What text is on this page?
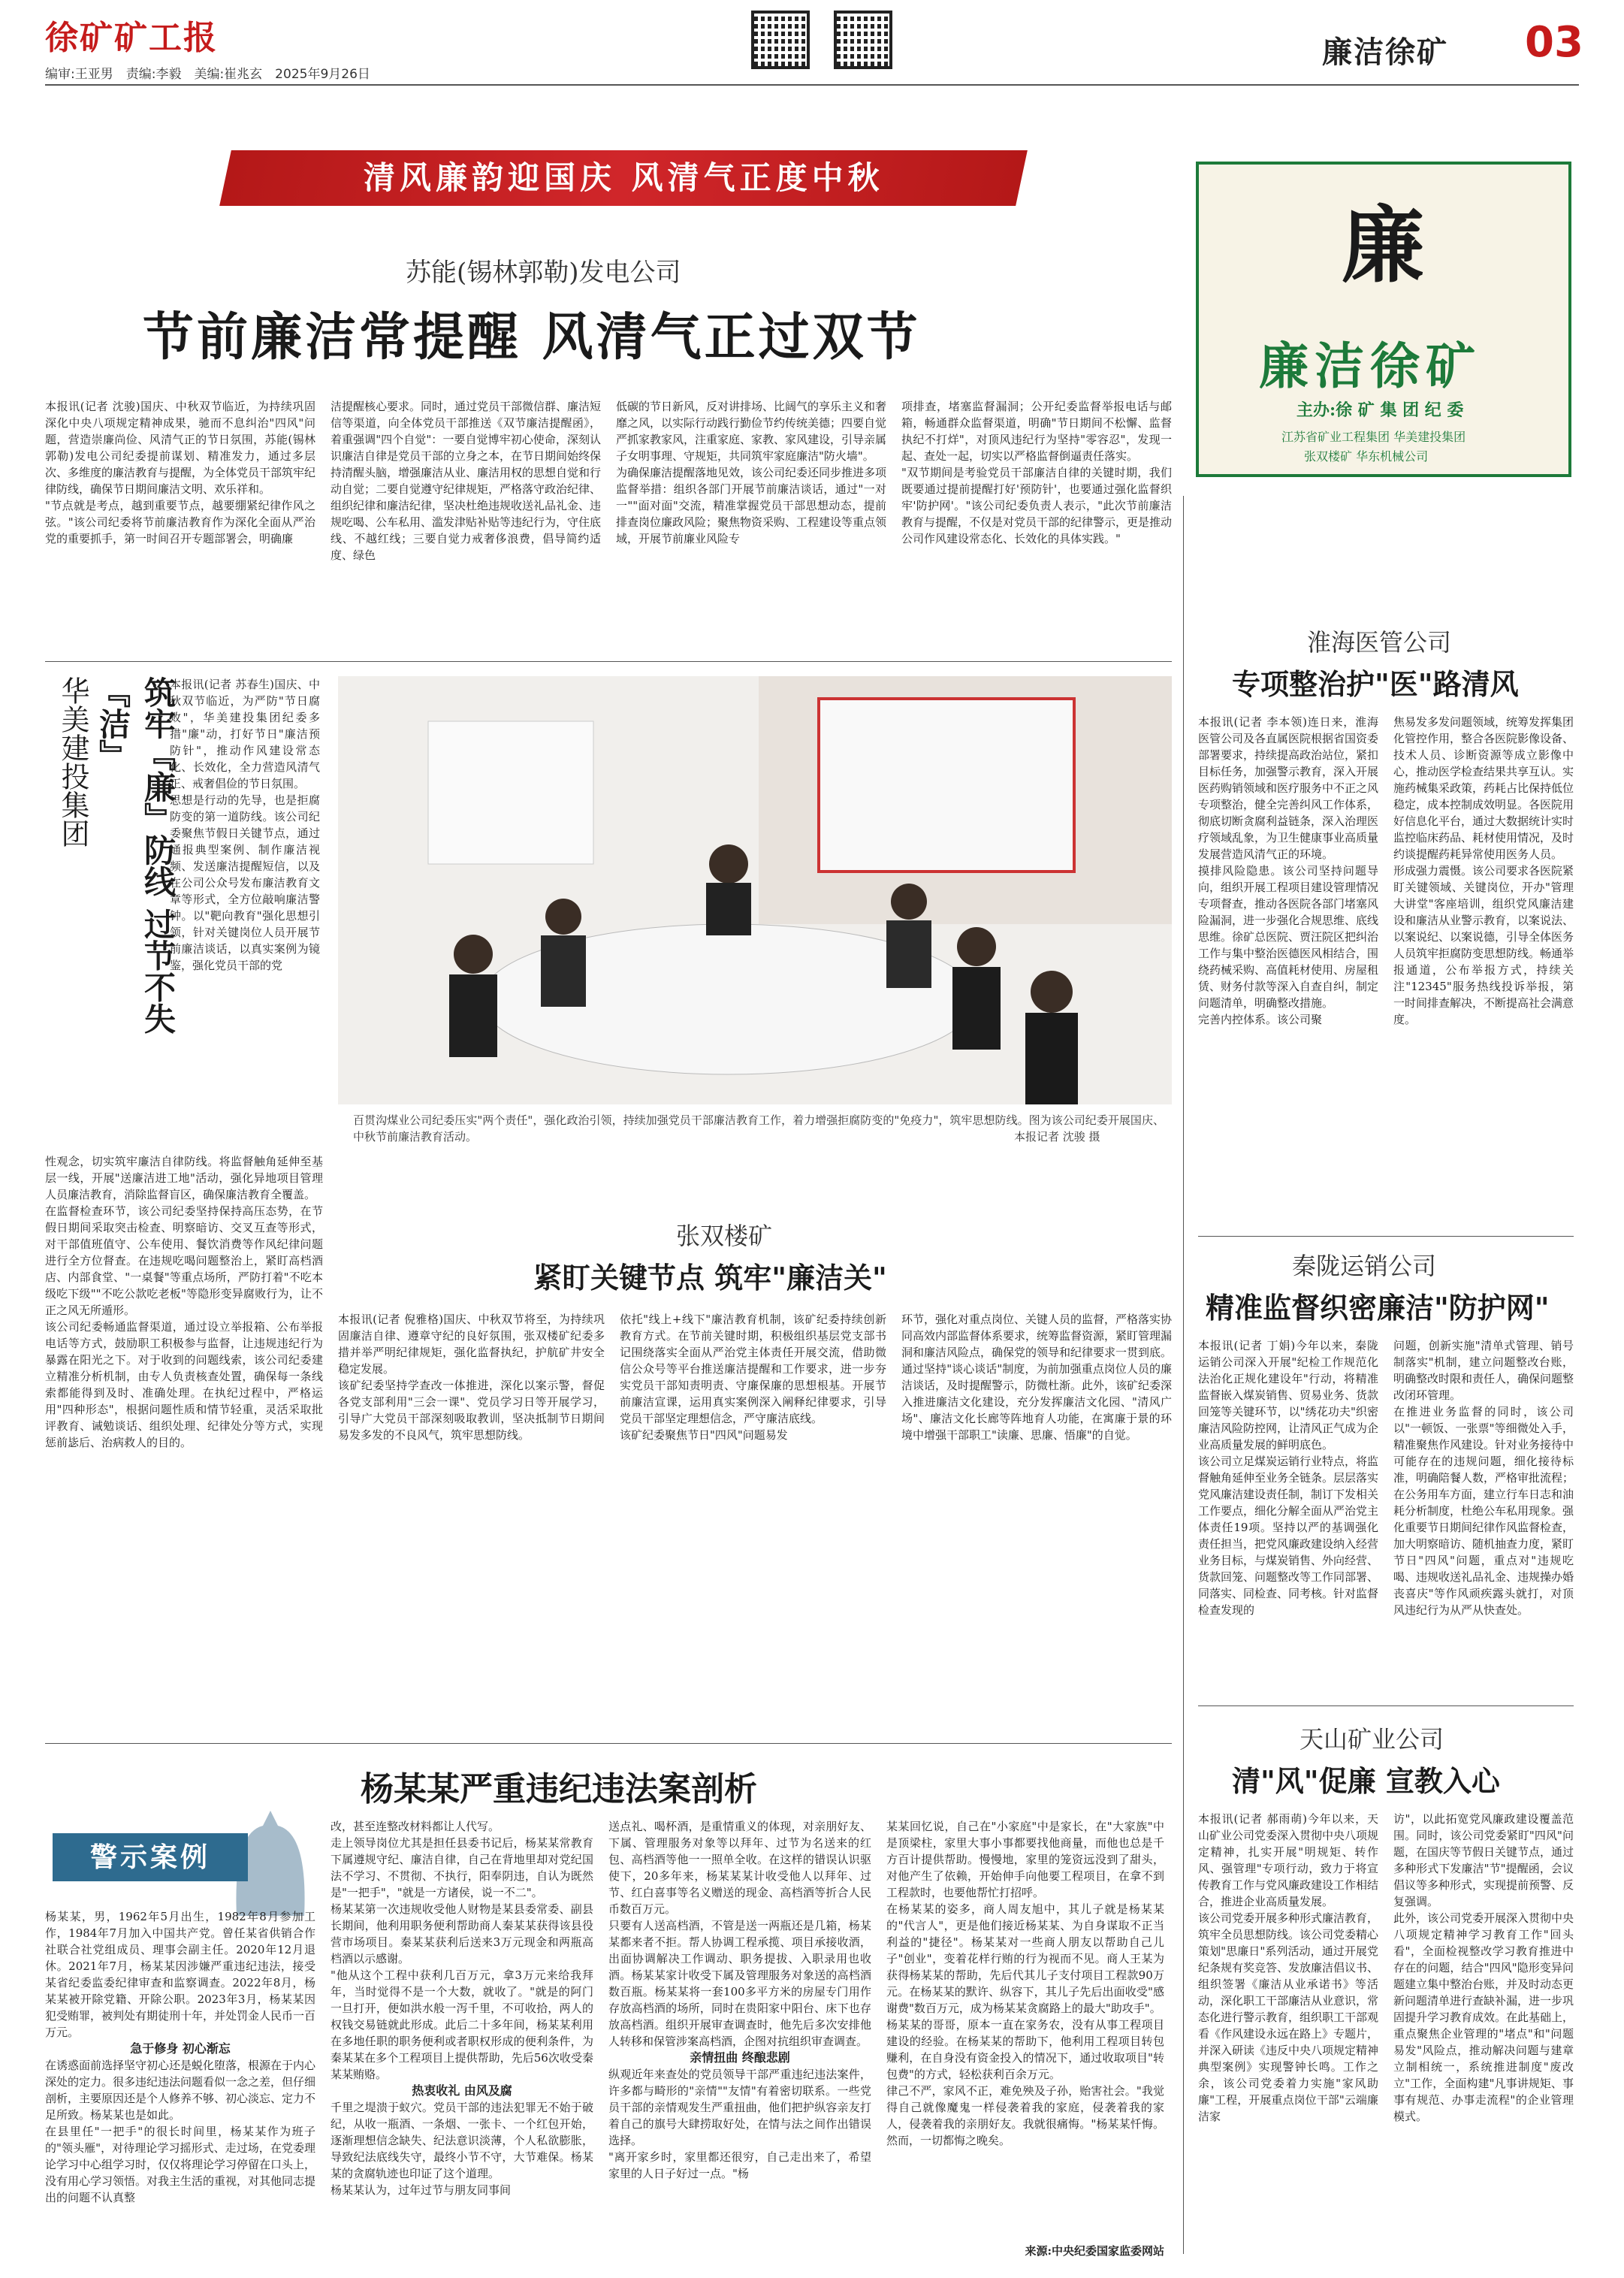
徐矿矿工报
编审:王亚男　责编:李毅　美编:崔兆玄　2025年9月26日
廉洁徐矿 03
清风廉韵迎国庆 风清气正度中秋
苏能(锡林郭勒)发电公司
节前廉洁常提醒 风清气正过双节
本报讯(记者 沈骏)国庆、中秋双节临近，为持续巩固深化中央八项规定精神成果，驰而不息纠治"四风"问题，营造崇廉尚俭、风清气正的节日氛围，苏能(锡林郭勒)发电公司纪委提前谋划、精准发力，通过多层次、多维度的廉洁教育与提醒，为全体党员干部筑牢纪律防线，确保节日期间廉洁文明、欢乐祥和。
"节点就是考点，越到重要节点，越要绷紧纪律作风之弦。"该公司纪委将节前廉洁教育作为深化全面从严治党的重要抓手，第一时间召开专题部署会，明确廉
洁提醒核心要求。同时，通过党员干部微信群、廉洁短信等渠道，向全体党员干部推送《双节廉洁提醒函》，着重强调"四个自觉"：一要自觉博牢初心使命，深刻认识廉洁自律是党员干部的立身之本，在节日期间始终保持清醒头脑，增强廉洁从业、廉洁用权的思想自觉和行动自觉；二要自觉遵守纪律规矩，严格落守政治纪律、组织纪律和廉洁纪律，坚决杜绝违规收送礼品礼金、违规吃喝、公车私用、滥发津贴补贴等违纪行为，守住底线、不越红线；三要自觉力戒奢侈浪费，倡导简约适度、绿色
低碳的节日新风，反对讲排场、比阔气的享乐主义和奢靡之风，以实际行动践行勤俭节约传统美德；四要自觉严抓家教家风，注重家庭、家教、家风建设，引导亲属子女明事理、守规矩，共同筑牢家庭廉洁"防火墙"。
为确保廉洁提醒落地见效，该公司纪委还同步推进多项监督举措：组织各部门开展节前廉洁谈话，通过"一对一""面对面"交流，精准掌握党员干部思想动态，提前排查岗位廉政风险；聚焦物资采购、工程建设等重点领域，开展节前廉业风险专
项排查，堵塞监督漏洞；公开纪委监督举报电话与邮箱，畅通群众监督渠道，明确"节日期间不松懈、监督执纪不打烊"，对顶风违纪行为坚持"零容忍"，发现一起、查处一起，切实以严格监督倒逼责任落实。
"双节期间是考验党员干部廉洁自律的关键时期，我们既要通过提前提醒打好'预防针'，也要通过强化监督织牢'防护网'。"该公司纪委负责人表示，"此次节前廉洁教育与提醒，不仅是对党员干部的纪律警示，更是推动公司作风建设常态化、长效化的具体实践。"
廉
廉洁徐矿
主办:徐 矿 集 团 纪 委
江苏省矿业工程集团 华美建投集团
张双楼矿 华东机械公司
筑牢『廉』防线 过节不失『洁』
华美建投集团	本报讯(记者 苏春生)国庆、中秋双节临近，为严防"节日腐败"，华美建投集团纪委多措"廉"动，打好节日"廉洁预防针"，推动作风建设常态化、长效化，全力营造风清气正、戒奢倡俭的节日氛围。
思想是行动的先导，也是拒腐防变的第一道防线。该公司纪委聚焦节假日关键节点，通过通报典型案例、制作廉洁视频、发送廉洁提醒短信，以及在公司公众号发布廉洁教育文章等形式，全方位敲响廉洁警钟。以"靶向教育"强化思想引领，针对关键岗位人员开展节前廉洁谈话，以真实案例为镜鉴，强化党员干部的党
性观念，切实筑牢廉洁自律防线。将监督触角延伸至基层一线，开展"送廉洁进工地"活动，强化异地项目管理人员廉洁教育，消除监督盲区，确保廉洁教育全覆盖。
在监督检查环节，该公司纪委坚持保持高压态势，在节假日期间采取突击检查、明察暗访、交叉互查等形式，对干部值班值守、公车使用、餐饮消费等作风纪律问题进行全方位督查。在违规吃喝问题整治上，紧盯高档酒店、内部食堂、"一桌餐"等重点场所，严防打着"不吃本级吃下级""不吃公款吃老板"等隐形变异腐败行为，让不正之风无所遁形。
该公司纪委畅通监督渠道，通过设立举报箱、公布举报电话等方式，鼓励职工积极参与监督，让违规违纪行为暴露在阳光之下。对于收到的问题线索，该公司纪委建立精准分析机制，由专人负责核查处置，确保每一条线索都能得到及时、准确处理。在执纪过程中，严格运用"四种形态"，根据问题性质和情节轻重，灵活采取批评教育、诫勉谈话、组织处理、纪律处分等方式，实现惩前毖后、治病救人的目的。
百贯沟煤业公司纪委压实"两个责任"，强化政治引领，持续加强党员干部廉洁教育工作，着力增强拒腐防变的"免疫力"，筑牢思想防线。图为该公司纪委开展国庆、中秋节前廉洁教育活动。	本报记者 沈骏 摄
张双楼矿
紧盯关键节点 筑牢"廉洁关"
本报讯(记者 倪雅格)国庆、中秋双节将至，为持续巩固廉洁自律、遵章守纪的良好氛围，张双楼矿纪委多措并举严明纪律规矩，强化监督执纪，护航矿井安全稳定发展。
该矿纪委坚持学查改一体推进，深化以案示警，督促各党支部利用"三会一课"、党员学习日等开展学习，引导广大党员干部深刻吸取教训，坚决抵制节日期间易发多发的不良风气，筑牢思想防线。
依托"线上+线下"廉洁教育机制，该矿纪委持续创新教育方式。在节前关键时期，积极组织基层党支部书记围绕落实全面从严治党主体责任开展交流，借助微信公众号等平台推送廉洁提醒和工作要求，进一步夯实党员干部知责明责、守廉保廉的思想根基。开展节前廉洁宣课，运用真实案例深入阐释纪律要求，引导党员干部坚定理想信念，严守廉洁底线。
该矿纪委聚焦节日"四风"问题易发
环节，强化对重点岗位、关键人员的监督，严格落实协同高效内部监督体系要求，统筹监督资源，紧盯管理漏洞和廉洁风险点，确保党的领导和纪律要求一贯到底。通过坚持"谈心谈话"制度，为前加强重点岗位人员的廉洁谈话，及时提醒警示，防微杜渐。此外，该矿纪委深入推进廉洁文化建设，充分发挥廉洁文化园、"清风广场"、廉洁文化长廊等阵地育人功能，在寓廉于景的环境中增强干部职工"读廉、思廉、悟廉"的自觉。
淮海医管公司
专项整治护"医"路清风
本报讯(记者 李本领)连日来，淮海医管公司及各直属医院根据省国资委部署要求，持续提高政治站位，紧扣目标任务，加强警示教育，深入开展医药购销领域和医疗服务中不正之风专项整治，健全完善纠风工作体系，彻底切断贪腐利益链条，深入治理医疗领域乱象，为卫生健康事业高质量发展营造风清气正的环境。
摸排风险隐患。该公司坚持问题导向，组织开展工程项目建设管理情况专项督查，推动各医院各部门堵塞风险漏洞，进一步强化合规思维、底线思维。徐矿总医院、贾汪院区把纠治工作与集中整治医德医风相结合，围绕药械采购、高值耗材使用、房屋租赁、财务付款等深入自查自纠，制定问题清单，明确整改措施。
完善内控体系。该公司聚
焦易发多发问题领域，统筹发挥集团化管控作用，整合各医院影像设备、技术人员、诊断资源等成立影像中心，推动医学检查结果共享互认。实施药械集采政策，药耗占比保持低位稳定，成本控制成效明显。各医院用好信息化平台，通过大数据统计实时监控临床药品、耗材使用情况，及时约谈提醒药耗异常使用医务人员。
形成强力震慑。该公司要求各医院紧盯关键领域、关键岗位，开办"管理大讲堂"客座培训，组织党风廉洁建设和廉洁从业警示教育，以案说法、以案说纪、以案说德，引导全体医务人员筑牢拒腐防变思想防线。畅通举报通道，公布举报方式，持续关注"12345"服务热线投诉举报，第一时间排查解决，不断提高社会满意度。
秦陇运销公司
精准监督织密廉洁"防护网"
本报讯(记者 丁娟)今年以来，秦陇运销公司深入开展"纪检工作规范化法治化正规化建设年"行动，将精准监督嵌入煤炭销售、贸易业务、货款回笼等关键环节，以"绣花功夫"织密廉洁风险防控网，让清风正气成为企业高质量发展的鲜明底色。
该公司立足煤炭运销行业特点，将监督触角延伸至业务全链条。层层落实党风廉洁建设责任制，制订下发相关工作要点，细化分解全面从严治党主体责任19项。坚持以严的基调强化责任担当，把党风廉政建设纳入经营业务目标，与煤炭销售、外向经营、货款回笼、问题整改等工作同部署、同落实、同检查、同考核。针对监督检查发现的
问题，创新实施"清单式管理、销号制落实"机制，建立问题整改台账，明确整改时限和责任人，确保问题整改闭环管理。
在推进业务监督的同时，该公司以"一顿饭、一张票"等细微处入手，精准聚焦作风建设。针对业务接待中可能存在的违规问题，细化接待标准，明确陪餐人数，严格审批流程；在公务用车方面，建立行车日志和油耗分析制度，杜绝公车私用现象。强化重要节日期间纪律作风监督检查，加大明察暗访、随机抽查力度，紧盯节日"四风"问题，重点对"违规吃喝、违规收送礼品礼金、违规操办婚丧喜庆"等作风顽疾露头就打，对顶风违纪行为从严从快查处。
天山矿业公司
清"风"促廉 宣教入心
本报讯(记者 郝雨萌)今年以来，天山矿业公司党委深入贯彻中央八项规定精神，扎实开展"明规矩、转作风、强管理"专项行动，致力于将宣传教育工作与党风廉政建设工作相结合，推进企业高质量发展。
该公司党委开展多种形式廉洁教育，筑牢全员思想防线。该公司党委精心策划"思廉日"系列活动，通过开展党纪条规有奖竞答、发放廉洁倡议书、组织签署《廉洁从业承诺书》等活动，深化职工干部廉洁从业意识，常态化进行警示教育，组织职工干部观看《作风建设永远在路上》专题片，并深入研读《违反中央八项规定精神典型案例》实现警钟长鸣。工作之余，该公司党委着力实施"家风助廉"工程，开展重点岗位干部"云端廉洁家
访"，以此拓宽党风廉政建设覆盖范围。同时，该公司党委紧盯"四风"问题，在国庆等节假日关键节点，通过多种形式下发廉洁"节"提醒函，会议倡议等多种形式，实现提前预警、反复强调。
此外，该公司党委开展深入贯彻中央八项规定精神学习教育工作"回头看"，全面检视整改学习教育推进中存在的问题，结合"四风"隐形变异问题建立集中整治台账，并及时动态更新问题清单进行查缺补漏，进一步巩固提升学习教育成效。在此基础上，重点聚焦企业管理的"堵点"和"问题易发"风险点，推动解决问题与建章立制相统一，系统推进制度"废改立"工作，全面构建"凡事讲规矩、事事有规范、办事走流程"的企业管理模式。
杨某某严重违纪违法案剖析
警示案例
杨某某，男，1962年5月出生，1982年8月参加工作，1984年7月加入中国共产党。曾任某省供销合作社联合社党组成员、理事会副主任。2020年12月退休。2021年7月，杨某某因涉嫌严重违纪违法，接受某省纪委监委纪律审查和监察调查。2022年8月，杨某某被开除党籍、开除公职。2023年3月，杨某某因犯受贿罪，被判处有期徒刑十年，并处罚金人民币一百万元。
急于修身 初心渐忘
在诱惑面前选择坚守初心还是蜕化堕落，根源在于内心深处的定力。很多违纪违法问题看似一念之差，但仔细剖析，主要原因还是个人修养不够、初心淡忘、定力不足所致。杨某某也是如此。
在县里任"一把手"的很长时间里，杨某某作为班子的"领头雁"，对待理论学习摇形式、走过场，在党委理论学习中心组学习时，仅仅将理论学习停留在口头上，没有用心学习领悟。对我主生活的重视，对其他同志提出的问题不认真整
改，甚至连整改材料都让人代写。
走上领导岗位尤其是担任县委书记后，杨某某常教育下属遵规守纪、廉洁自律，自己在背地里却对党纪国法不学习、不贯彻、不执行，阳奉阴违，自认为既然是"一把手"，"就是一方诸侯，说一不二"。
杨某某第一次违规收受他人财物是某县委常委、副县长期间，他利用职务便利帮助商人秦某某获得该县役营市场项目。秦某某获利后送来3万元现金和两瓶高档酒以示感谢。
"他从这个工程中获利几百万元，拿3万元来给我拜年，当时觉得不是一个大数，就收了。"就是的阿门一旦打开，便如洪水般一泻千里，不可收拾，两人的权钱交易链就此形成。此后二十多年间，杨某某利用在多地任职的职务便利或者职权形成的便利条件，为秦某某在多个工程项目上提供帮助，先后56次收受秦某某贿赂。
热衷收礼 由风及腐
千里之堤溃于蚁穴。党员干部的违法犯罪无不始于破纪，从收一瓶酒、一条烟、一张卡、一个红包开始，逐渐理想信念缺失、纪法意识淡薄，个人私欲膨胀，导致纪法底线失守，最终小节不守，大节难保。杨某某的贪腐轨迹也印证了这个道理。
杨某某认为，过年过节与朋友同事间
送点礼、喝杯酒，是重情重义的体现，对亲朋好友、下属、管理服务对象等以拜年、过节为名送来的红包、高档酒等他一一照单全收。在这样的错误认识驱使下，20多年来，杨某某某计收受他人以拜年、过节、红白喜事等名义赠送的现金、高档酒等折合人民币数百万元。
只要有人送高档酒，不管是送一两瓶还是几箱，杨某某都来者不拒。帮人协调工程承揽、项目承接收酒，出面协调解决工作调动、职务提拔、入职录用也收酒。杨某某家计收受下属及管理服务对象送的高档酒数百瓶。杨某某将一套100多平方米的房屋专门用作存放高档酒的场所，同时在贵阳家中阳台、床下也存放高档酒。组织开展审查调查时，他先后多次安排他人转移和保管涉案高档酒，企图对抗组织审查调查。
亲情扭曲 终酿悲剧
纵观近年来查处的党员领导干部严重违纪违法案件，许多都与畸形的"亲情""友情"有着密切联系。一些党员干部的亲情观发生严重扭曲，他们把护纵容亲友打着自己的旗号大肆捞取好处，在情与法之间作出错误选择。
"离开家乡时，家里都还很穷，自己走出来了，希望家里的人日子好过一点。"杨
某某回忆说，自己在"小家庭"中是家长，在"大家族"中是顶梁柱，家里大事小事都要找他商量，而他也总是千方百计提供帮助。慢慢地，家里的笼资远没到了甜头，对他产生了依赖，开始伸手向他要工程项目，在拿不到工程款时，也要他帮忙打招呼。
在杨某某的姿多，商人周友旭中，其儿子就是杨某某的"代言人"，更是他们接近杨某某、为自身谋取不正当利益的"捷径"。杨某某对一些商人朋友以帮助自己儿子"创业"，变着花样行贿的行为视而不见。商人王某为获得杨某某的帮助，先后代其儿子支付项目工程款90万元。在杨某某的默许、纵容下，其儿子先后出面收受"感谢费"数百万元，成为杨某某贪腐路上的最大"助攻手"。
杨某某的哥哥，原本一直在家务农，没有从事工程项目建设的经验。在杨某某的帮助下，他利用工程项目转包赚利，在自身没有资金投入的情况下，通过收取项目"转包费"的方式，轻松获利百余万元。
律己不严，家风不正，难免殃及子孙，贻害社会。"我觉得自己就像魔鬼一样侵袭着我的家庭，侵袭着我的家人，侵袭着我的亲朋好友。我就很痛悔。"杨某某忏悔。然而，一切都悔之晚矣。
来源:中央纪委国家监委网站
